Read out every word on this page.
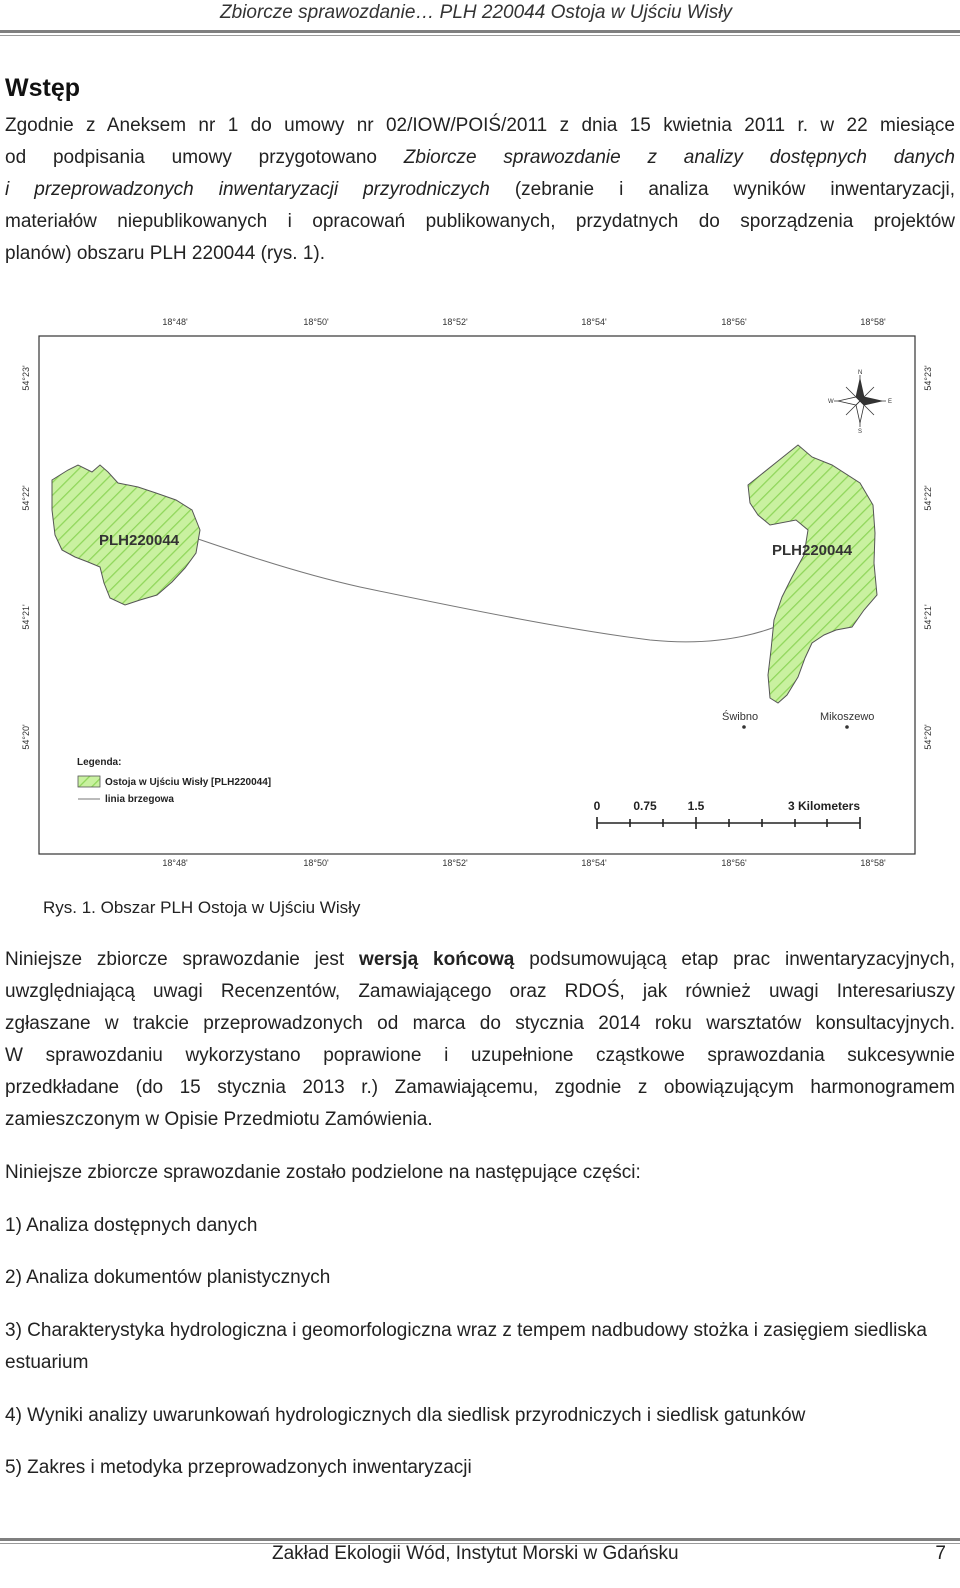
Zbiorcze sprawozdanie… PLH 220044 Ostoja w Ujściu Wisły
Wstęp
Zgodnie z Aneksem nr 1 do umowy nr 02/IOW/POIŚ/2011 z dnia 15 kwietnia 2011 r. w 22 miesiące
od podpisania umowy przygotowano Zbiorcze sprawozdanie z analizy dostępnych danych
i przeprowadzonych inwentaryzacji przyrodniczych (zebranie i analiza wyników inwentaryzacji,
materiałów niepublikowanych i opracowań publikowanych, przydatnych do sporządzenia projektów
planów) obszaru PLH 220044 (rys. 1).
18°48'	18°50'	18°52'	18°54'	18°56'	18°58'
18°48'	18°50'	18°52'	18°54'	18°56'	18°58'
54°23'
54°22'
54°21'
54°20'
54°23'
54°22'
54°21'
54°20'
N
S
E
W
PLH220044
PLH220044
Świbno	Mikoszewo
Legenda:
Ostoja w Ujściu Wisły [PLH220044]
linia brzegowa	0	0.75	1.5	3 Kilometers
Rys. 1. Obszar PLH Ostoja w Ujściu Wisły
Niniejsze zbiorcze sprawozdanie jest wersją końcową podsumowującą etap prac inwentaryzacyjnych,
uwzględniającą uwagi Recenzentów, Zamawiającego oraz RDOŚ, jak również uwagi Interesariuszy
zgłaszane w trakcie przeprowadzonych od marca do stycznia 2014 roku warsztatów konsultacyjnych.
W sprawozdaniu wykorzystano poprawione i uzupełnione cząstkowe sprawozdania sukcesywnie
przedkładane (do 15 stycznia 2013 r.) Zamawiającemu, zgodnie z obowiązującym harmonogramem
zamieszczonym w Opisie Przedmiotu Zamówienia.
Niniejsze zbiorcze sprawozdanie zostało podzielone na następujące części:
1) Analiza dostępnych danych
2) Analiza dokumentów planistycznych
3) Charakterystyka hydrologiczna i geomorfologiczna wraz z tempem nadbudowy stożka i zasięgiem siedliska estuarium
4) Wyniki analizy uwarunkowań hydrologicznych dla siedlisk przyrodniczych i siedlisk gatunków
5) Zakres i metodyka przeprowadzonych inwentaryzacji
Zakład Ekologii Wód, Instytut Morski w Gdańsku	7
